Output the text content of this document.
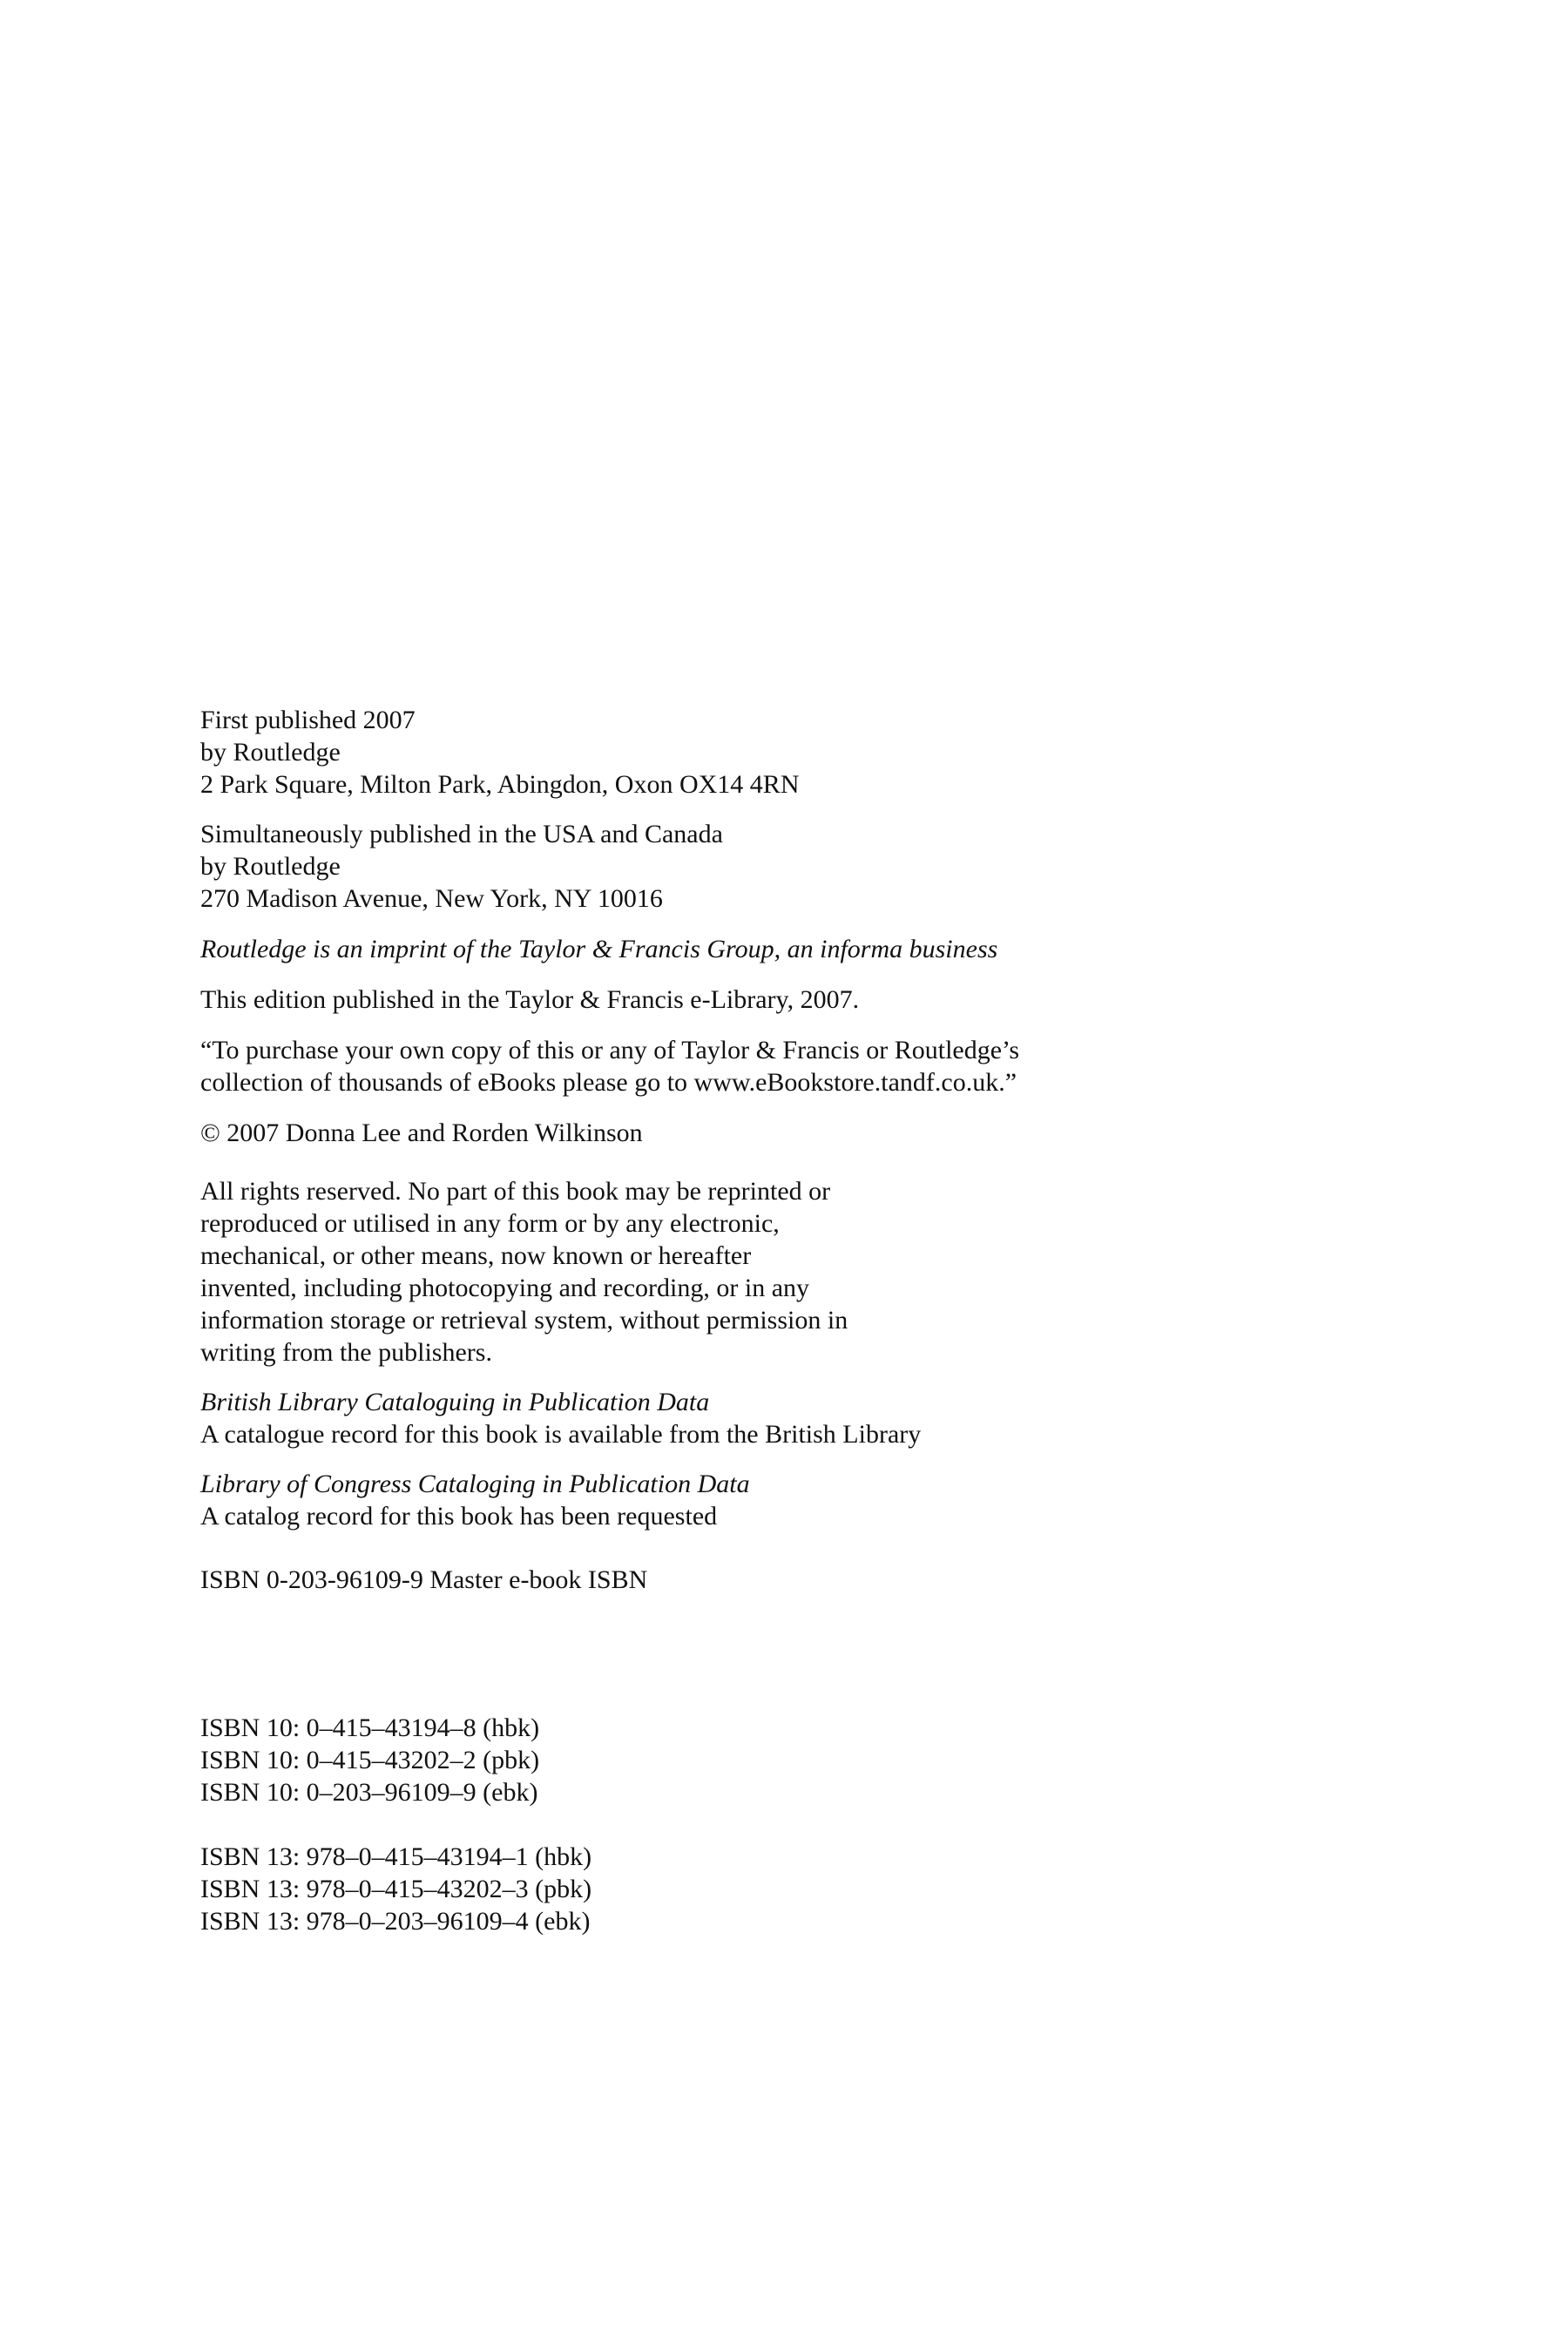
First published 2007
by Routledge
2 Park Square, Milton Park, Abingdon, Oxon OX14 4RN

Simultaneously published in the USA and Canada
by Routledge
270 Madison Avenue, New York, NY 10016

Routledge is an imprint of the Taylor & Francis Group, an informa business

This edition published in the Taylor & Francis e-Library, 2007.

“To purchase your own copy of this or any of Taylor & Francis or Routledge’s
collection of thousands of eBooks please go to www.eBookstore.tandf.co.uk.”

© 2007 Donna Lee and Rorden Wilkinson

All rights reserved. No part of this book may be reprinted or
reproduced or utilised in any form or by any electronic,
mechanical, or other means, now known or hereafter
invented, including photocopying and recording, or in any
information storage or retrieval system, without permission in
writing from the publishers.

British Library Cataloguing in Publication Data
A catalogue record for this book is available from the British Library

Library of Congress Cataloging in Publication Data
A catalog record for this book has been requested

ISBN 0-203-96109-9 Master e-book ISBN

ISBN 10: 0–415–43194–8 (hbk)
ISBN 10: 0–415–43202–2 (pbk)
ISBN 10: 0–203–96109–9 (ebk)

ISBN 13: 978–0–415–43194–1 (hbk)
ISBN 13: 978–0–415–43202–3 (pbk)
ISBN 13: 978–0–203–96109–4 (ebk)
